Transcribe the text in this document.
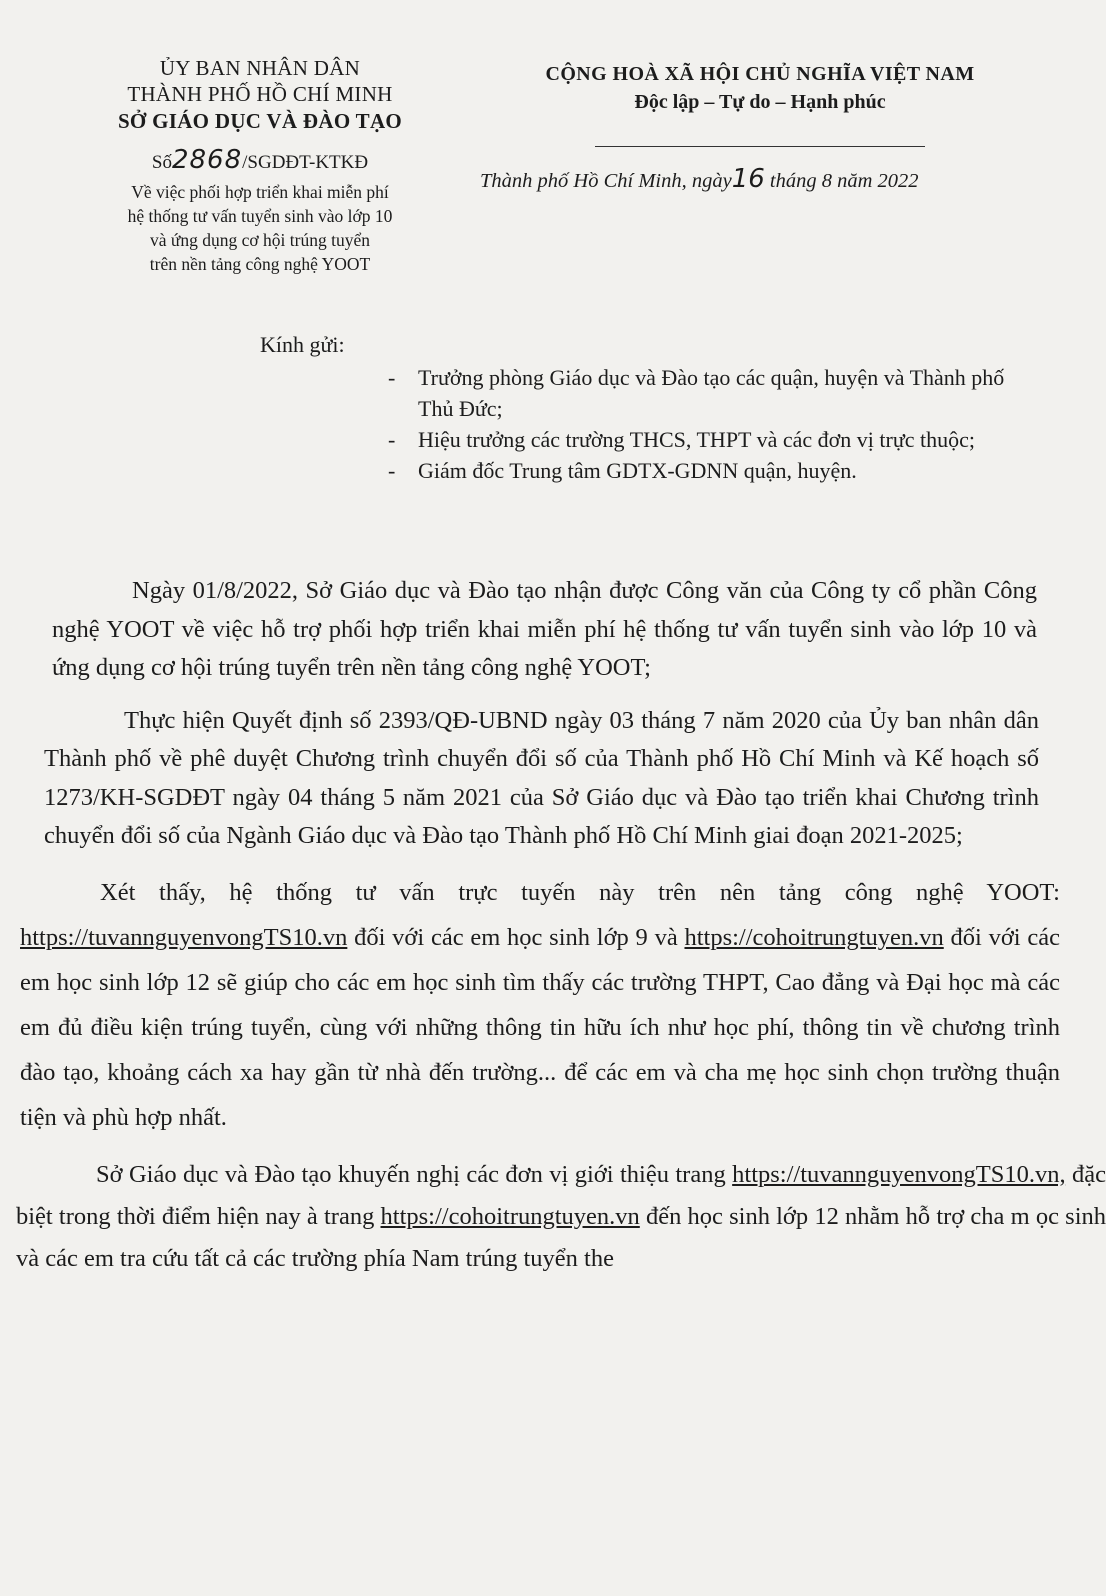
ỦY BAN NHÂN DÂN
THÀNH PHỐ HỒ CHÍ MINH
SỞ GIÁO DỤC VÀ ĐÀO TẠO
Số2868/SGDĐT-KTKĐ
Về việc phối hợp triển khai miễn phí
hệ thống tư vấn tuyển sinh vào lớp 10
và ứng dụng cơ hội trúng tuyển
trên nền tảng công nghệ YOOT
CỘNG HOÀ XÃ HỘI CHỦ NGHĨA VIỆT NAM
Độc lập – Tự do – Hạnh phúc
Thành phố Hồ Chí Minh, ngày16 tháng 8 năm 2022
Kính gửi:
- Trưởng phòng Giáo dục và Đào tạo các quận, huyện và Thành phố Thủ Đức;
- Hiệu trưởng các trường THCS, THPT và các đơn vị trực thuộc;
- Giám đốc Trung tâm GDTX-GDNN quận, huyện.

Ngày 01/8/2022, Sở Giáo dục và Đào tạo nhận được Công văn của Công ty cổ phần Công nghệ YOOT về việc hỗ trợ phối hợp triển khai miễn phí hệ thống tư vấn tuyển sinh vào lớp 10 và ứng dụng cơ hội trúng tuyển trên nền tảng công nghệ YOOT;

Thực hiện Quyết định số 2393/QĐ-UBND ngày 03 tháng 7 năm 2020 của Ủy ban nhân dân Thành phố về phê duyệt Chương trình chuyển đổi số của Thành phố Hồ Chí Minh và Kế hoạch số 1273/KH-SGDĐT ngày 04 tháng 5 năm 2021 của Sở Giáo dục và Đào tạo triển khai Chương trình chuyển đổi số của Ngành Giáo dục và Đào tạo Thành phố Hồ Chí Minh giai đoạn 2021-2025;

Xét thấy, hệ thống tư vấn trực tuyến này trên nên tảng công nghệ YOOT: https://tuvannguyenvongTS10.vn đối với các em học sinh lớp 9 và https://cohoitrungtuyen.vn đối với các em học sinh lớp 12 sẽ giúp cho các em học sinh tìm thấy các trường THPT, Cao đẳng và Đại học mà các em đủ điều kiện trúng tuyển, cùng với những thông tin hữu ích như học phí, thông tin về chương trình đào tạo, khoảng cách xa hay gần từ nhà đến trường... để các em và cha mẹ học sinh chọn trường thuận tiện và phù hợp nhất.

Sở Giáo dục và Đào tạo khuyến nghị các đơn vị giới thiệu trang https://tuvannguyenvongTS10.vn, đặc biệt trong thời điểm hiện nay à trang https://cohoitrungtuyen.vn đến học sinh lớp 12 nhằm hỗ trợ cha m ọc sinh và các em tra cứu tất cả các trường phía Nam trúng tuyển the
